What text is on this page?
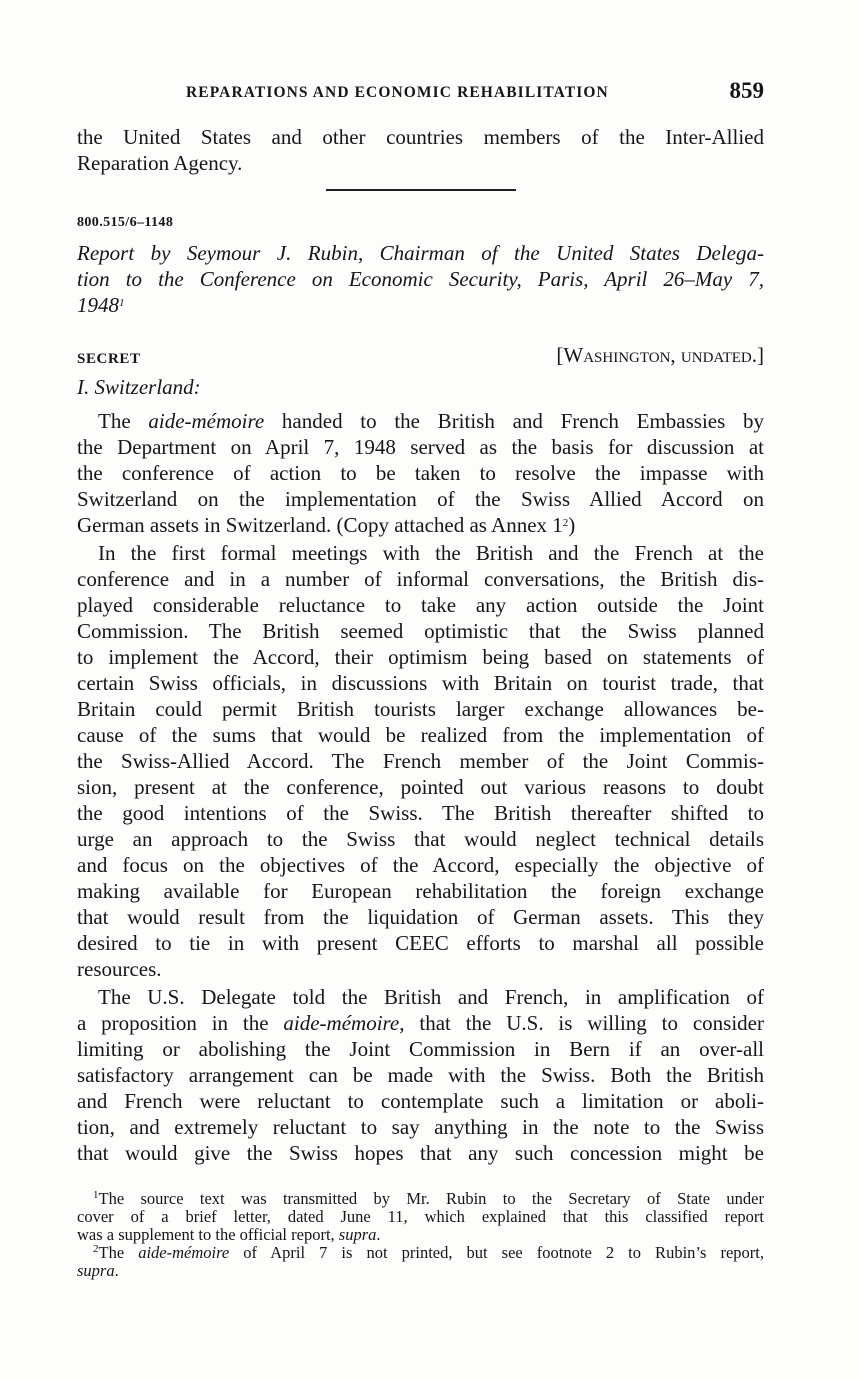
REPARATIONS AND ECONOMIC REHABILITATION	859
the United States and other countries members of the Inter-Allied
Reparation Agency.
800.515/6–1148
Report by Seymour J. Rubin, Chairman of the United States Delega-
tion to the Conference on Economic Security, Paris, April 26–May 7,
1948$^1$
SECRET	[Washington, undated.]
I. Switzerland:
The aide-mémoire handed to the British and French Embassies by
the Department on April 7, 1948 served as the basis for discussion at
the conference of action to be taken to resolve the impasse with
Switzerland on the implementation of the Swiss Allied Accord on
German assets in Switzerland. (Copy attached as Annex $1^2$)
In the first formal meetings with the British and the French at the
conference and in a number of informal conversations, the British dis-
played considerable reluctance to take any action outside the Joint
Commission. The British seemed optimistic that the Swiss planned
to implement the Accord, their optimism being based on statements of
certain Swiss officials, in discussions with Britain on tourist trade, that
Britain could permit British tourists larger exchange allowances be-
cause of the sums that would be realized from the implementation of
the Swiss-Allied Accord. The French member of the Joint Commis-
sion, present at the conference, pointed out various reasons to doubt
the good intentions of the Swiss. The British thereafter shifted to
urge an approach to the Swiss that would neglect technical details
and focus on the objectives of the Accord, especially the objective of
making available for European rehabilitation the foreign exchange
that would result from the liquidation of German assets. This they
desired to tie in with present CEEC efforts to marshal all possible
resources.
The U.S. Delegate told the British and French, in amplification of
a proposition in the aide-mémoire, that the U.S. is willing to consider
limiting or abolishing the Joint Commission in Bern if an over-all
satisfactory arrangement can be made with the Swiss. Both the British
and French were reluctant to contemplate such a limitation or aboli-
tion, and extremely reluctant to say anything in the note to the Swiss
that would give the Swiss hopes that any such concession might be
$^1$The source text was transmitted by Mr. Rubin to the Secretary of State under
cover of a brief letter, dated June 11, which explained that this classified report
was a supplement to the official report, supra.
$^2$The aide-mémoire of April 7 is not printed, but see footnote 2 to Rubin’s report,
supra.
